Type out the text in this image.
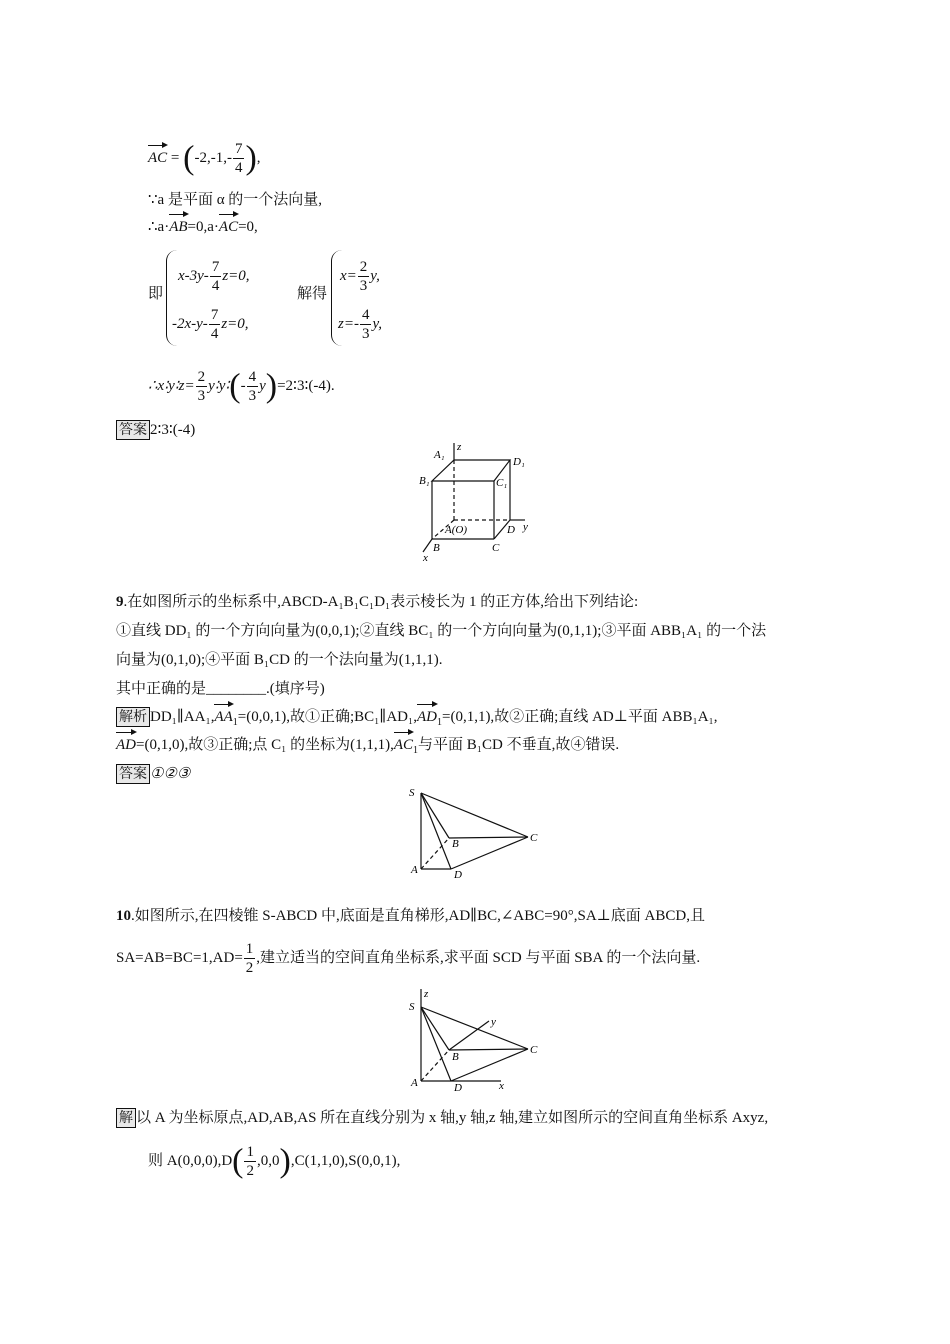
AC = ($-2,-1,- \frac{7}{4}$ ),
∵a 是平面 α 的一个法向量,
∴a·AB=0,a·AC=0,
即
$x-3y- \frac{7}{4} z=0$,
$-2x-y- \frac{7}{4} z=0$,
解得
$x= \frac{2}{3} y$,
$z=- \frac{4}{3} y$,
∴x∶y∶z= $\frac{2}{3}$ y∶y∶(- $\frac{4}{3}$ y)=2∶3∶(-4).
答案 2∶3∶(-4)
z
A₁
D₁
B₁	C₁
A(O)	D y
B	C
x
9.在如图所示的坐标系中,ABCD-A₁B₁C₁D₁表示棱长为 1 的正方体,给出下列结论:
①直线 DD₁ 的一个方向向量为(0,0,1);②直线 BC₁ 的一个方向向量为(0,1,1);③平面 ABB₁A₁ 的一个法
向量为(0,1,0);④平面 B₁CD 的一个法向量为(1,1,1).
其中正确的是________.(填序号)
解析 $DD_1\parallel AA_1,AA_1=(0,0,1)$,故①正确$;BC_1\parallel AD_1,AD_1=(0,1,1)$,故②正确;直线 AD⊥平面 ABB₁A₁,
AD=(0,1,0),故③正确;点 C₁ 的坐标为$(1,1,1),AC_1$与平面 B₁CD 不垂直,故④错误.
答案 ①②③
S
C
B
A	D
10.如图所示,在四棱锥 S-ABCD 中,底面是直角梯形,AD∥BC,∠ABC=90°,SA⊥底面 ABCD,且
$SA=AB=BC=1,AD= \frac{1}{2}$ ,建立适当的空间直角坐标系,求平面 SCD 与平面 SBA 的一个法向量.
z
S
y
C
B
A	D	x
解 以 A 为坐标原点,AD,AB,AS 所在直线分别为 x 轴,y 轴,z 轴,建立如图所示的空间直角坐标系 Axyz,
则 $A(0,0,0),D( \frac{1}{2} ,0,0),C(1,1,0),S(0,0,1)$,
